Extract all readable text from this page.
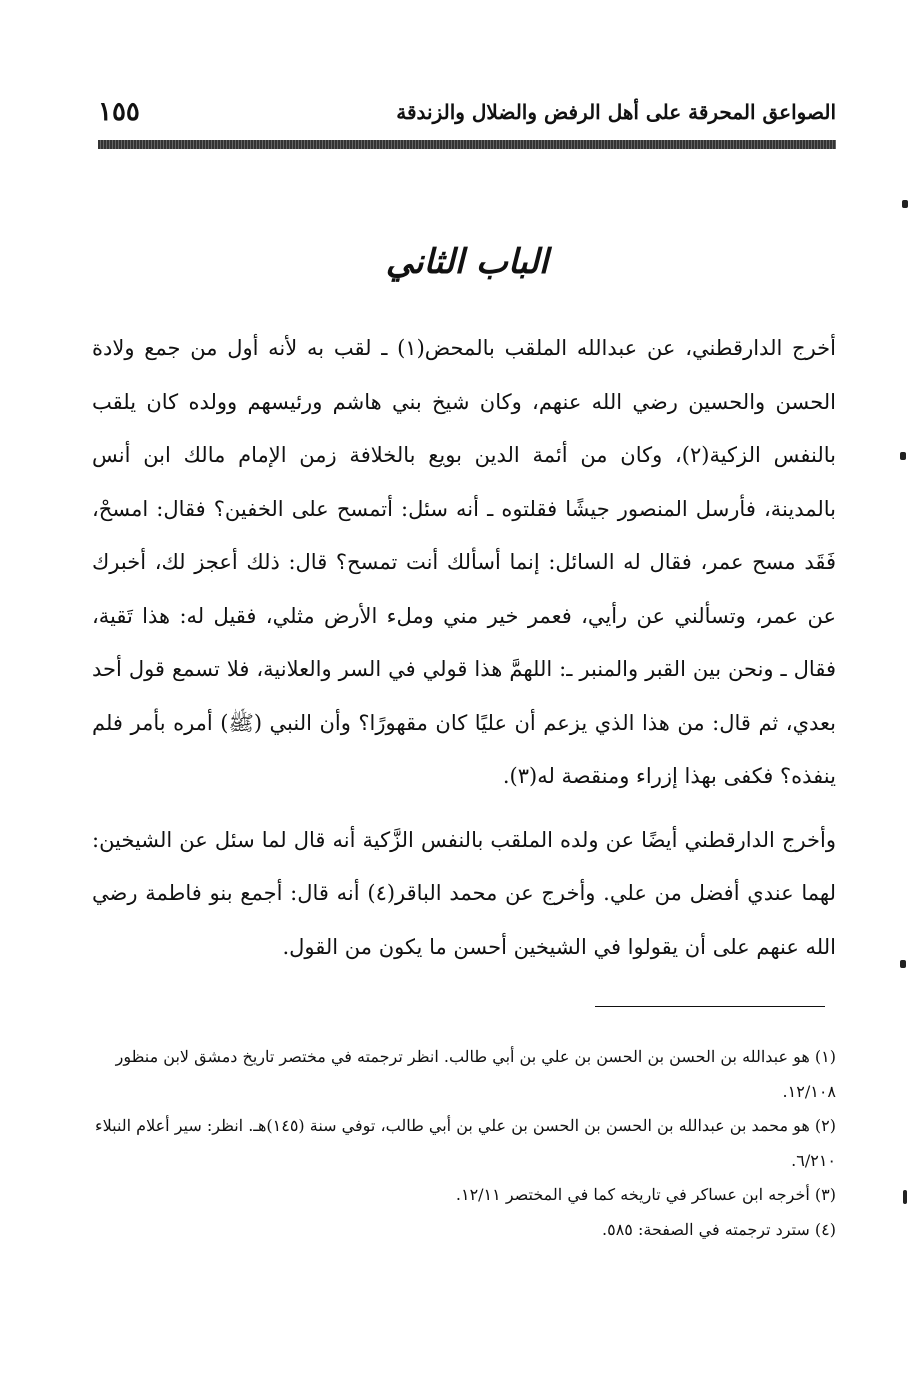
الصواعق المحرقة على أهل الرفض والضلال والزندقة
١٥٥
الباب الثاني

أخرج الدارقطني، عن عبدالله الملقب بالمحض(١) ـ لقب به لأنه أول من جمع ولادة الحسن والحسين رضي الله عنهم، وكان شيخ بني هاشم ورئيسهم وولده كان يلقب بالنفس الزكية(٢)، وكان من أئمة الدين بويع بالخلافة زمن الإمام مالك ابن أنس بالمدينة، فأرسل المنصور جيشًا فقلتوه ـ أنه سئل: أتمسح على الخفين؟ فقال: امسحْ، فَقَد مسح عمر، فقال له السائل: إنما أسألك أنت تمسح؟ قال: ذلك أعجز لك، أخبرك عن عمر، وتسألني عن رأيي، فعمر خير مني وملء الأرض مثلي، فقيل له: هذا تَقية، فقال ـ ونحن بين القبر والمنبر ـ: اللهمَّ هذا قولي في السر والعلانية، فلا تسمع قول أحد بعدي، ثم قال: من هذا الذي يزعم أن عليًا كان مقهورًا؟ وأن النبي (ﷺ) أمره بأمر فلم ينفذه؟ فكفى بهذا إزراء ومنقصة له(٣).

وأخرج الدارقطني أيضًا عن ولده الملقب بالنفس الزَّكية أنه قال لما سئل عن الشيخين: لهما عندي أفضل من علي. وأخرج عن محمد الباقر(٤) أنه قال: أجمع بنو فاطمة رضي الله عنهم على أن يقولوا في الشيخين أحسن ما يكون من القول.

(١) هو عبدالله بن الحسن بن الحسن بن علي بن أبي طالب. انظر ترجمته في مختصر تاريخ دمشق لابن منظور ١٢/١٠٨.
(٢) هو محمد بن عبدالله بن الحسن بن الحسن بن علي بن أبي طالب، توفي سنة (١٤٥)هـ. انظر: سير أعلام النبلاء ٦/٢١٠.
(٣) أخرجه ابن عساكر في تاريخه كما في المختصر ١٢/١١.
(٤) سترد ترجمته في الصفحة: ٥٨٥.
